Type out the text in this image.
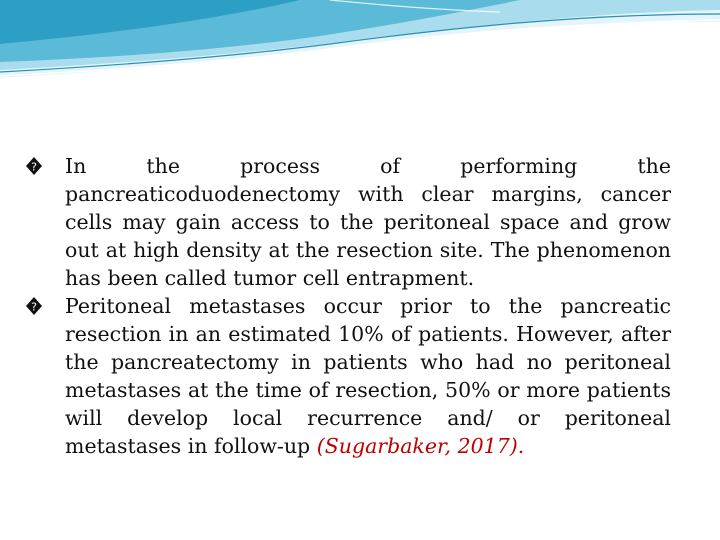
? In the process of performing the pancreaticoduodenectomy with clear margins, cancer cells may gain access to the peritoneal space and grow out at high density at the resection site. The phenomenon has been called tumor cell entrapment.

? Peritoneal metastases occur prior to the pancreatic resection in an estimated 10% of patients. However, after the pancreatectomy in patients who had no peritoneal metastases at the time of resection, 50% or more patients will develop local recurrence and/ or peritoneal metastases in follow-up (Sugarbaker, 2017).
